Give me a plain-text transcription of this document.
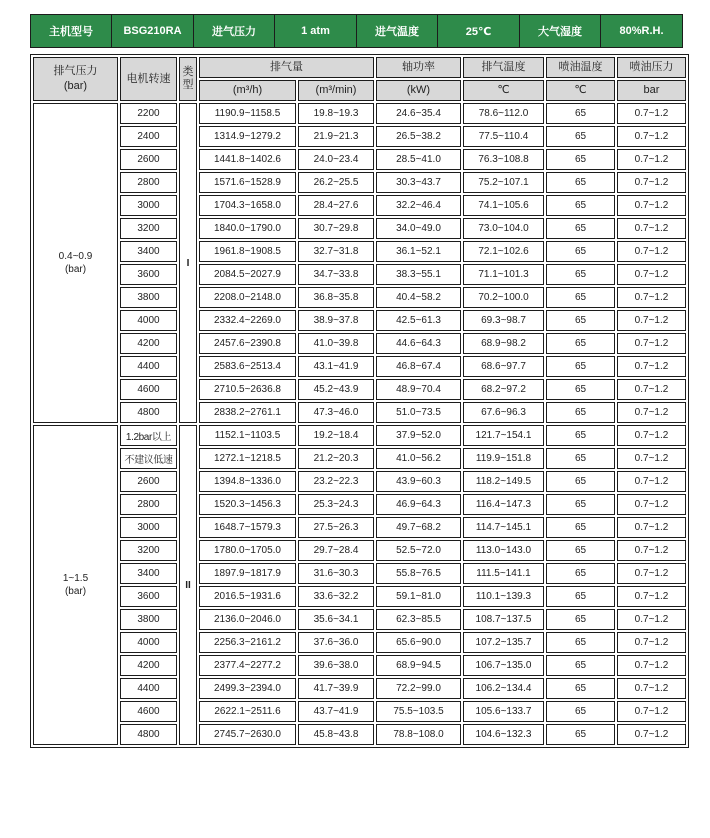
主机型号	BSG210RA	进气压力	1 atm	进气温度	25℃	大气湿度	80%R.H.
排气压力
(bar)	电机转速	类型	排气量		轴功率	排气温度	喷油温度	喷油压力
			(m³/h)	(m³/min)	(kW)	℃	℃	bar

0.4~0.9
(bar)	2200	I	1190.9~1158.5	19.8~19.3	24.6~35.4	78.6~112.0	65	0.7~1.2
	2400		1314.9~1279.2	21.9~21.3	26.5~38.2	77.5~110.4	65	0.7~1.2
	2600		1441.8~1402.6	24.0~23.4	28.5~41.0	76.3~108.8	65	0.7~1.2
	2800		1571.6~1528.9	26.2~25.5	30.3~43.7	75.2~107.1	65	0.7~1.2
	3000		1704.3~1658.0	28.4~27.6	32.2~46.4	74.1~105.6	65	0.7~1.2
	3200		1840.0~1790.0	30.7~29.8	34.0~49.0	73.0~104.0	65	0.7~1.2
	3400		1961.8~1908.5	32.7~31.8	36.1~52.1	72.1~102.6	65	0.7~1.2
	3600		2084.5~2027.9	34.7~33.8	38.3~55.1	71.1~101.3	65	0.7~1.2
	3800		2208.0~2148.0	36.8~35.8	40.4~58.2	70.2~100.0	65	0.7~1.2
	4000		2332.4~2269.0	38.9~37.8	42.5~61.3	69.3~98.7	65	0.7~1.2
	4200		2457.6~2390.8	41.0~39.8	44.6~64.3	68.9~98.2	65	0.7~1.2
	4400		2583.6~2513.4	43.1~41.9	46.8~67.4	68.6~97.7	65	0.7~1.2
	4600		2710.5~2636.8	45.2~43.9	48.9~70.4	68.2~97.2	65	0.7~1.2
	4800		2838.2~2761.1	47.3~46.0	51.0~73.5	67.6~96.3	65	0.7~1.2

1~1.5
(bar)	1.2bar以上	II	1152.1~1103.5	19.2~18.4	37.9~52.0	121.7~154.1	65	0.7~1.2
	不建议低速		1272.1~1218.5	21.2~20.3	41.0~56.2	119.9~151.8	65	0.7~1.2
	2600		1394.8~1336.0	23.2~22.3	43.9~60.3	118.2~149.5	65	0.7~1.2
	2800		1520.3~1456.3	25.3~24.3	46.9~64.3	116.4~147.3	65	0.7~1.2
	3000		1648.7~1579.3	27.5~26.3	49.7~68.2	114.7~145.1	65	0.7~1.2
	3200		1780.0~1705.0	29.7~28.4	52.5~72.0	113.0~143.0	65	0.7~1.2
	3400		1897.9~1817.9	31.6~30.3	55.8~76.5	111.5~141.1	65	0.7~1.2
	3600		2016.5~1931.6	33.6~32.2	59.1~81.0	110.1~139.3	65	0.7~1.2
	3800		2136.0~2046.0	35.6~34.1	62.3~85.5	108.7~137.5	65	0.7~1.2
	4000		2256.3~2161.2	37.6~36.0	65.6~90.0	107.2~135.7	65	0.7~1.2
	4200		2377.4~2277.2	39.6~38.0	68.9~94.5	106.7~135.0	65	0.7~1.2
	4400		2499.3~2394.0	41.7~39.9	72.2~99.0	106.2~134.4	65	0.7~1.2
	4600		2622.1~2511.6	43.7~41.9	75.5~103.5	105.6~133.7	65	0.7~1.2
	4800		2745.7~2630.0	45.8~43.8	78.8~108.0	104.6~132.3	65	0.7~1.2
